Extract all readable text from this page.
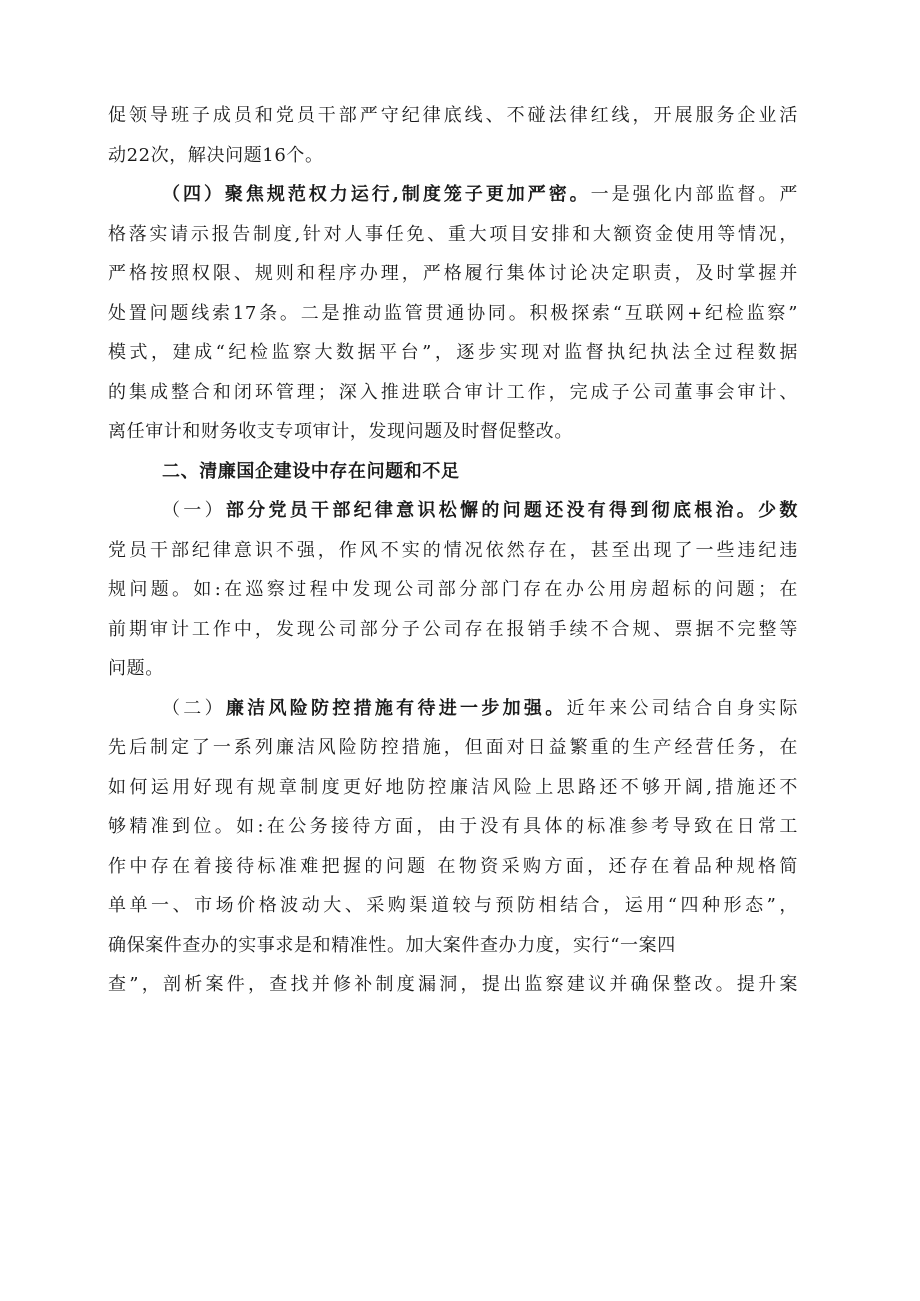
促领导班子成员和党员干部严守纪律底线、不碰法律红线，开展服务企业活
动22次，解决问题16个。
（四）聚焦规范权力运行,制度笼子更加严密。一是强化内部监督。严
格落实请示报告制度,针对人事任免、重大项目安排和大额资金使用等情况，
严格按照权限、规则和程序办理，严格履行集体讨论决定职责，及时掌握并
处置问题线索17条。二是推动监管贯通协同。积极探索“互联网+纪检监察”
模式，建成“纪检监察大数据平台”，逐步实现对监督执纪执法全过程数据
的集成整合和闭环管理；深入推进联合审计工作，完成子公司董事会审计、
离任审计和财务收支专项审计，发现问题及时督促整改。
二、清廉国企建设中存在问题和不足
（一）部分党员干部纪律意识松懈的问题还没有得到彻底根治。少数
党员干部纪律意识不强，作风不实的情况依然存在，甚至出现了一些违纪违
规问题。如:在巡察过程中发现公司部分部门存在办公用房超标的问题；在
前期审计工作中，发现公司部分子公司存在报销手续不合规、票据不完整等
问题。
（二）廉洁风险防控措施有待进一步加强。近年来公司结合自身实际
先后制定了一系列廉洁风险防控措施，但面对日益繁重的生产经营任务，在
如何运用好现有规章制度更好地防控廉洁风险上思路还不够开阔,措施还不
够精准到位。如:在公务接待方面，由于没有具体的标准参考导致在日常工
作中存在着接待标准难把握的问题 在物资采购方面，还存在着品种规格简
单单一、市场价格波动大、采购渠道较与预防相结合，运用“四种形态”，
确保案件查办的实事求是和精准性。加大案件查办力度，实行“一案四
查”，剖析案件，查找并修补制度漏洞，提出监察建议并确保整改。提升案
